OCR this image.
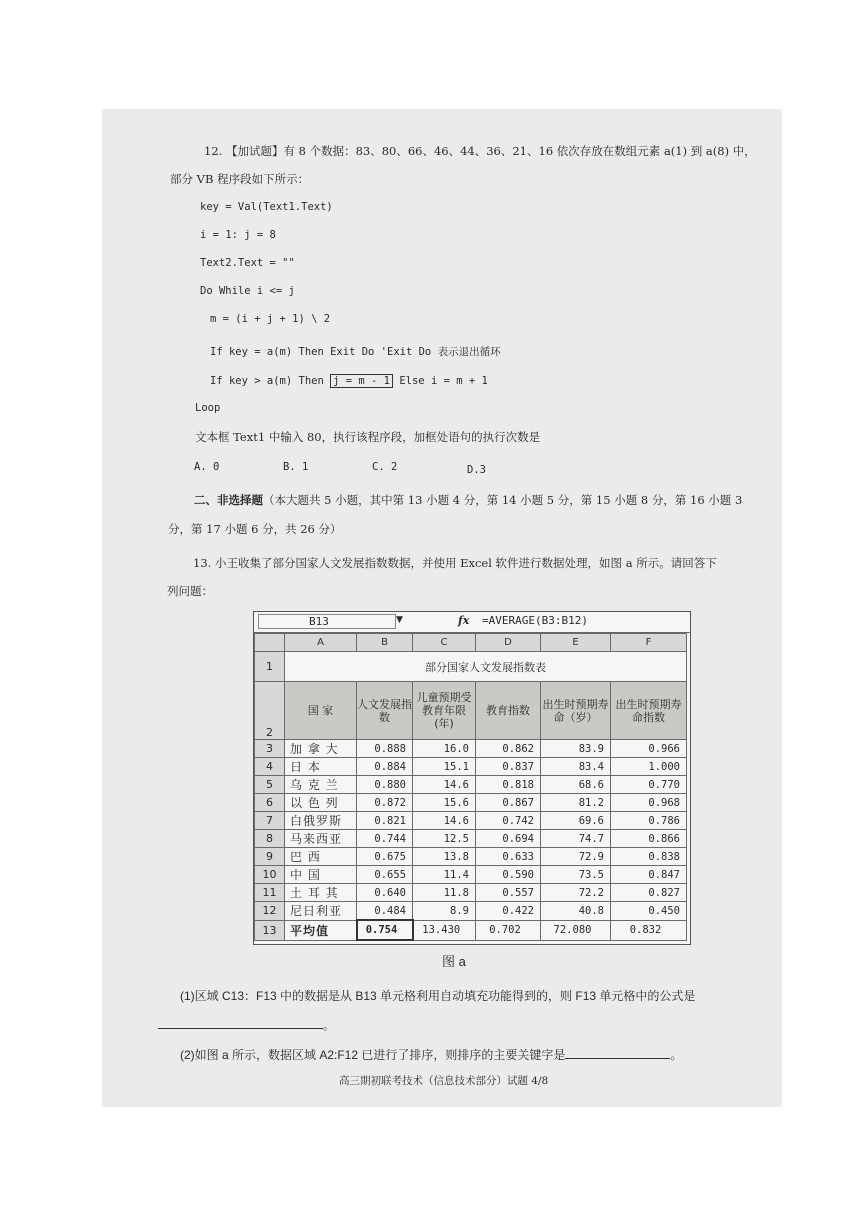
12. 【加试题】有 8 个数据：83、80、66、46、44、36、21、16 依次存放在数组元素 a(1) 到 a(8) 中，
部分 VB 程序段如下所示：
key = Val(Text1.Text)
i = 1: j = 8
Text2.Text = ""
Do While i <= j
m = (i + j + 1) \ 2
If key = a(m) Then Exit Do 'Exit Do 表示退出循环
If key > a(m) Then j = m - 1 Else i = m + 1
Loop
文本框 Text1 中输入 80，执行该程序段，加框处语句的执行次数是
A. 0	B. 1	C. 2	D.3
二、非选择题（本大题共 5 小题，其中第 13 小题 4 分，第 14 小题 5 分，第 15 小题 8 分，第 16 小题 3
分，第 17 小题 6 分，共 26 分）
13. 小王收集了部分国家人文发展指数数据，并使用 Excel 软件进行数据处理，如图 a 所示。请回答下
列问题：
B13	▼	fx =AVERAGE(B3:B12)
	A	B	C	D	E	F
1	部分国家人文发展指数表					
2	国 家	人文发展指数	儿童预期受教育年限(年)	教育指数	出生时预期寿命（岁）	出生时预期寿命指数
3	加 拿 大	0.888	16.0	0.862	83.9	0.966
4	日 本	0.884	15.1	0.837	83.4	1.000
5	乌 克 兰	0.880	14.6	0.818	68.6	0.770
6	以 色 列	0.872	15.6	0.867	81.2	0.968
7	白俄罗斯	0.821	14.6	0.742	69.6	0.786
8	马来西亚	0.744	12.5	0.694	74.7	0.866
9	巴 西	0.675	13.8	0.633	72.9	0.838
10	中 国	0.655	11.4	0.590	73.5	0.847
11	土 耳 其	0.640	11.8	0.557	72.2	0.827
12	尼日利亚	0.484	8.9	0.422	40.8	0.450
13	平均值	0.754	13.430	0.702	72.080	0.832
图 a
(1)区域 C13：F13 中的数据是从 B13 单元格利用自动填充功能得到的，则 F13 单元格中的公式是
。
(2)如图 a 所示，数据区域 A2:F12 已进行了排序，则排序的主要关键字是	。
高三期初联考技术（信息技术部分）试题 4/8
